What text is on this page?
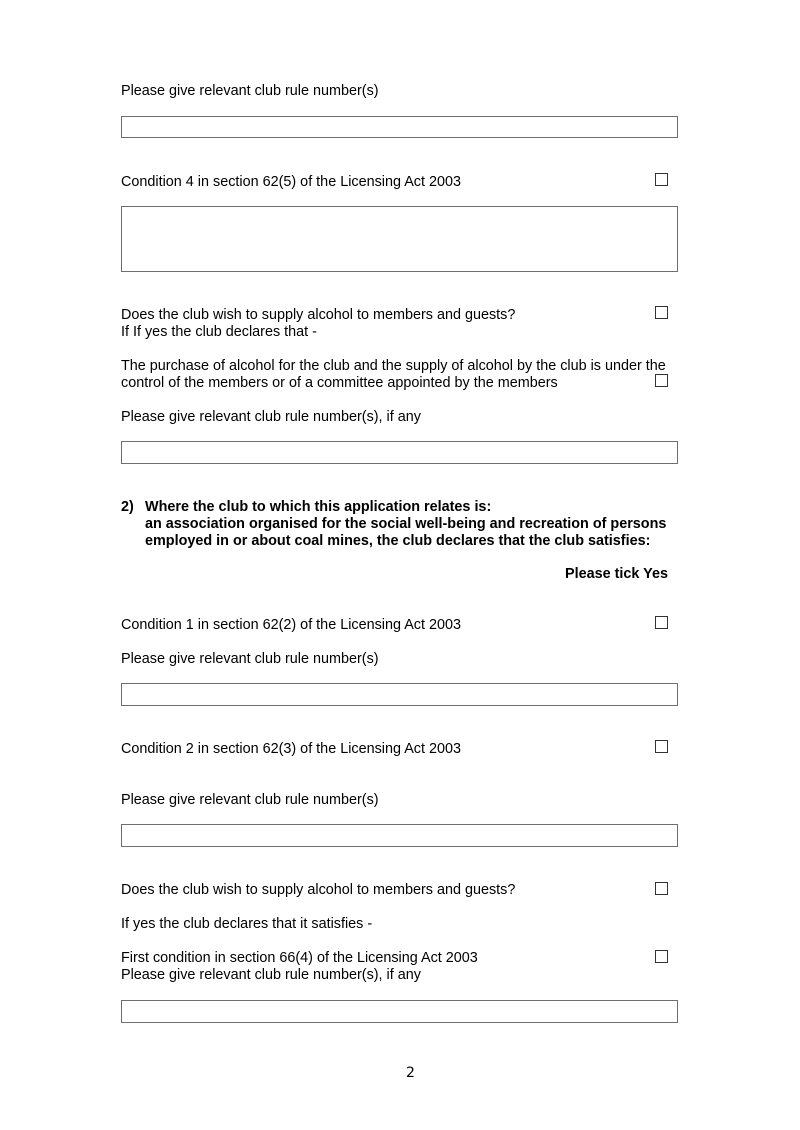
Please give relevant club rule number(s)
Condition 4 in section 62(5) of the Licensing Act 2003
Does the club wish to supply alcohol to members and guests?
If If yes the club declares that -
The purchase of alcohol for the club and the supply of alcohol by the club is under the
control of the members or of a committee appointed by the members
Please give relevant club rule number(s), if any
2) Where the club to which this application relates is:
an association organised for the social well-being and recreation of persons
employed in or about coal mines, the club declares that the club satisfies:
Please tick Yes
Condition 1 in section 62(2) of the Licensing Act 2003
Please give relevant club rule number(s)
Condition 2 in section 62(3) of the Licensing Act 2003
Please give relevant club rule number(s)
Does the club wish to supply alcohol to members and guests?
If yes the club declares that it satisfies -
First condition in section 66(4) of the Licensing Act 2003
Please give relevant club rule number(s), if any
2
